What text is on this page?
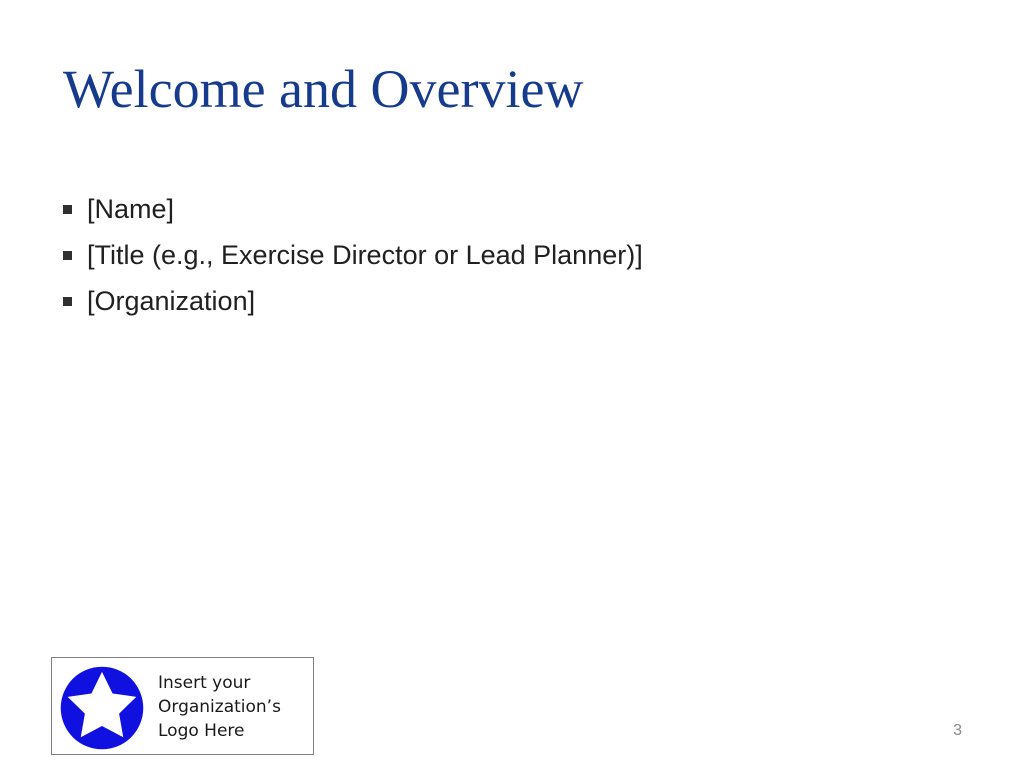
Welcome and Overview
[Name]
[Title (e.g., Exercise Director or Lead Planner)]
[Organization]
Insert your
Organization’s
Logo Here	3
